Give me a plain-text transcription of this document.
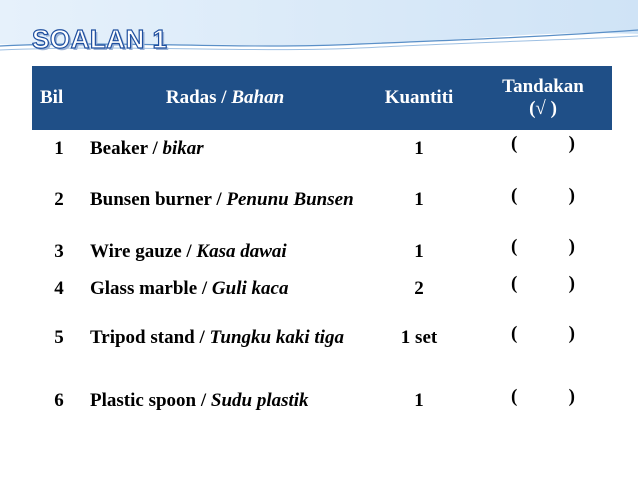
SOALAN 1
Bil	Radas / Bahan	Kuantiti	Tandakan
(√ )

1	Beaker / bikar	1	( )

2	Bunsen burner / Penunu Bunsen	1	( )

3	Wire gauze / Kasa dawai	1	( )

4	Glass marble / Guli kaca	2	( )

5	Tripod stand / Tungku kaki tiga	1 set	( )

6	Plastic spoon / Sudu plastik	1	( )
